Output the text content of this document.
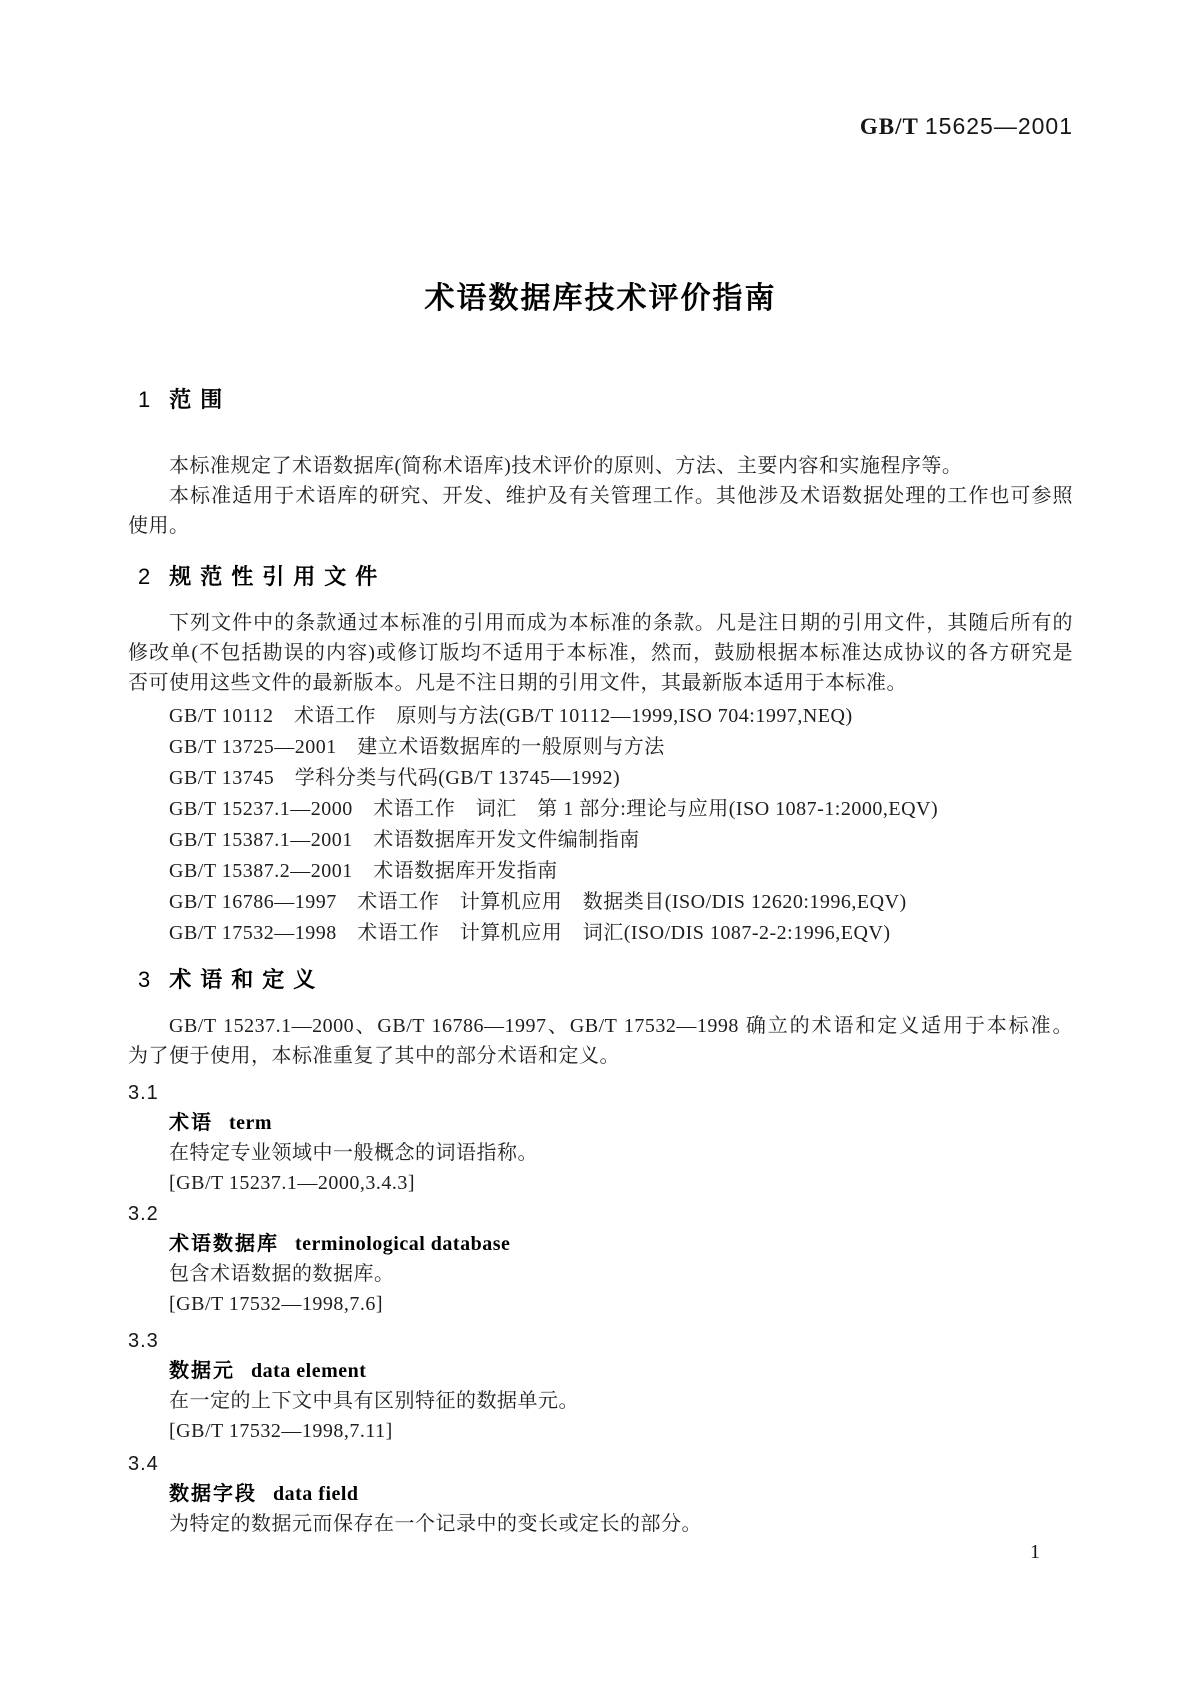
GB/T 15625—2001
术语数据库技术评价指南
1 范围
本标准规定了术语数据库(简称术语库)技术评价的原则、方法、主要内容和实施程序等。
本标准适用于术语库的研究、开发、维护及有关管理工作。其他涉及术语数据处理的工作也可参照
使用。
2 规范性引用文件
下列文件中的条款通过本标准的引用而成为本标准的条款。凡是注日期的引用文件，其随后所有的
修改单(不包括勘误的内容)或修订版均不适用于本标准，然而，鼓励根据本标准达成协议的各方研究是
否可使用这些文件的最新版本。凡是不注日期的引用文件，其最新版本适用于本标准。
GB/T 10112　术语工作　原则与方法(GB/T 10112—1999,ISO 704:1997,NEQ)
GB/T 13725—2001　建立术语数据库的一般原则与方法
GB/T 13745　学科分类与代码(GB/T 13745—1992)
GB/T 15237.1—2000　术语工作　词汇　第 1 部分:理论与应用(ISO 1087-1:2000,EQV)
GB/T 15387.1—2001　术语数据库开发文件编制指南
GB/T 15387.2—2001　术语数据库开发指南
GB/T 16786—1997　术语工作　计算机应用　数据类目(ISO/DIS 12620:1996,EQV)
GB/T 17532—1998　术语工作　计算机应用　词汇(ISO/DIS 1087-2-2:1996,EQV)
3 术语和定义
GB/T 15237.1—2000、GB/T 16786—1997、GB/T 17532—1998 确立的术语和定义适用于本标准。
为了便于使用，本标准重复了其中的部分术语和定义。
3.1
术语 term
在特定专业领域中一般概念的词语指称。
[GB/T 15237.1—2000,3.4.3]
3.2
术语数据库 terminological database
包含术语数据的数据库。
[GB/T 17532—1998,7.6]
3.3
数据元 data element
在一定的上下文中具有区别特征的数据单元。
[GB/T 17532—1998,7.11]
3.4
数据字段 data field
为特定的数据元而保存在一个记录中的变长或定长的部分。
1
